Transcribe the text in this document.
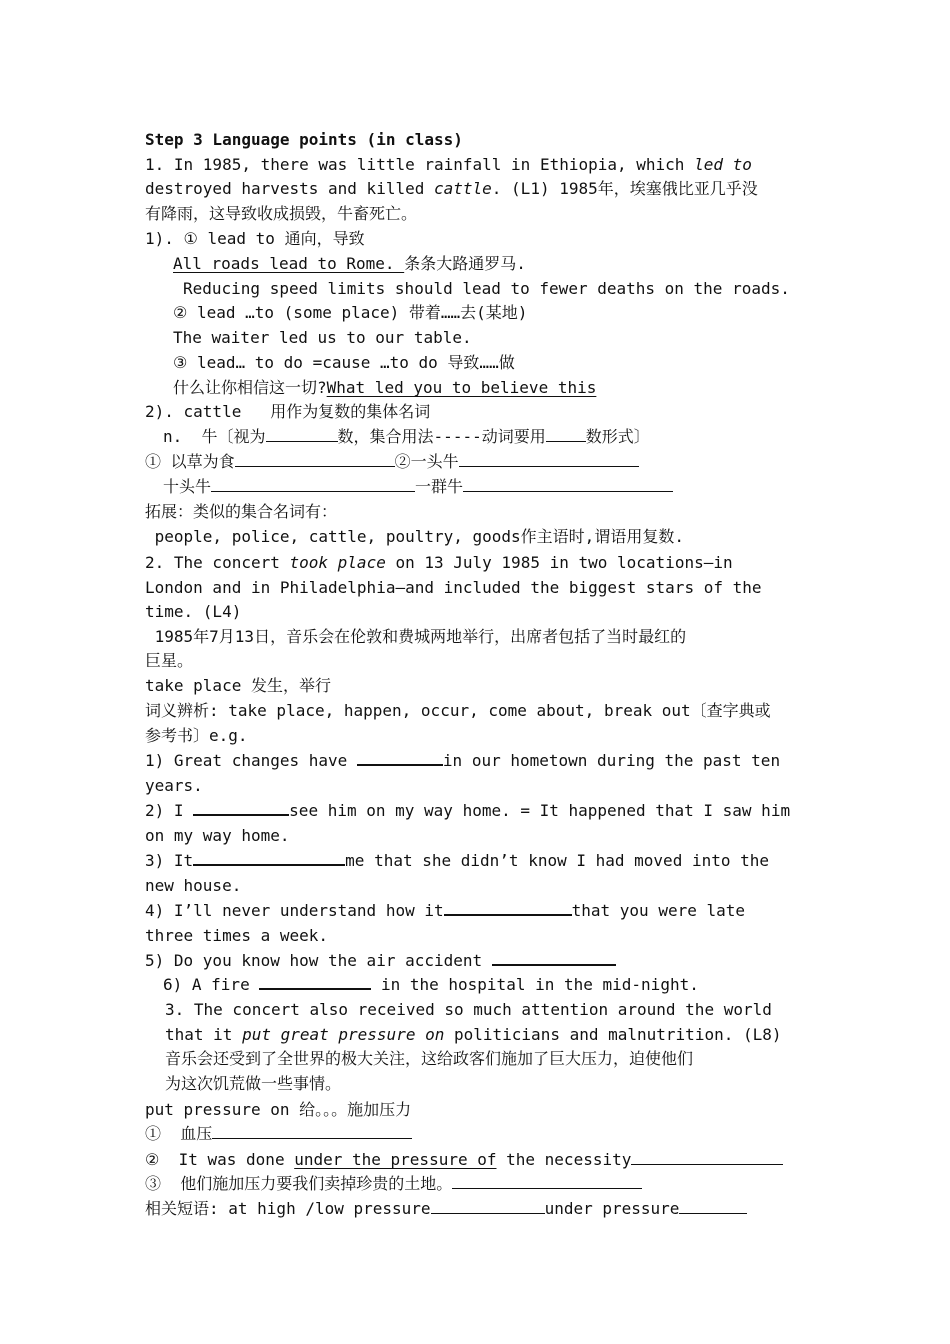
Step 3 Language points (in class)
1. In 1985, there was little rainfall in Ethiopia, which led to
destroyed harvests and killed cattle. (L1) 1985年，埃塞俄比亚几乎没
有降雨，这导致收成损毁，牛畜死亡。
1). ① lead to 通向，导致
All roads lead to Rome. 条条大路通罗马.
Reducing speed limits should lead to fewer deaths on the roads.
② lead …to (some place) 带着……去(某地)
The waiter led us to our table.
③ lead… to do =cause …to do 导致……做
什么让你相信这一切?What led you to believe this
2). cattle   用作为复数的集体名词
n.  牛〔视为	数，集合用法-----动词要用	数形式〕
① 以草为食	②一头牛
十头牛	一群牛
拓展：类似的集合名词有：
people, police, cattle, poultry, goods作主语时,谓语用复数.
2. The concert took place on 13 July 1985 in two locations—in
London and in Philadelphia—and included the biggest stars of the
time. (L4)
1985年7月13日，音乐会在伦敦和费城两地举行，出席者包括了当时最红的
巨星。
take place 发生，举行
词义辨析: take place, happen, occur, come about, break out〔查字典或
参考书〕e.g.
1) Great changes have	in our hometown during the past ten
years.
2) I	see him on my way home. = It happened that I saw him
on my way home.
3) It	me that she didn’t know I had moved into the
new house.
4) I’ll never understand how it	that you were late
three times a week.
5) Do you know how the air accident
6) A fire	in the hospital in the mid-night.
3. The concert also received so much attention around the world
that it put great pressure on politicians and malnutrition. (L8)
音乐会还受到了全世界的极大关注，这给政客们施加了巨大压力，迫使他们
为这次饥荒做一些事情。
put pressure on 给。。。施加压力
①  血压
②  It was done under the pressure of the necessity
③  他们施加压力要我们卖掉珍贵的土地。
相关短语: at high /low pressure	under pressure
